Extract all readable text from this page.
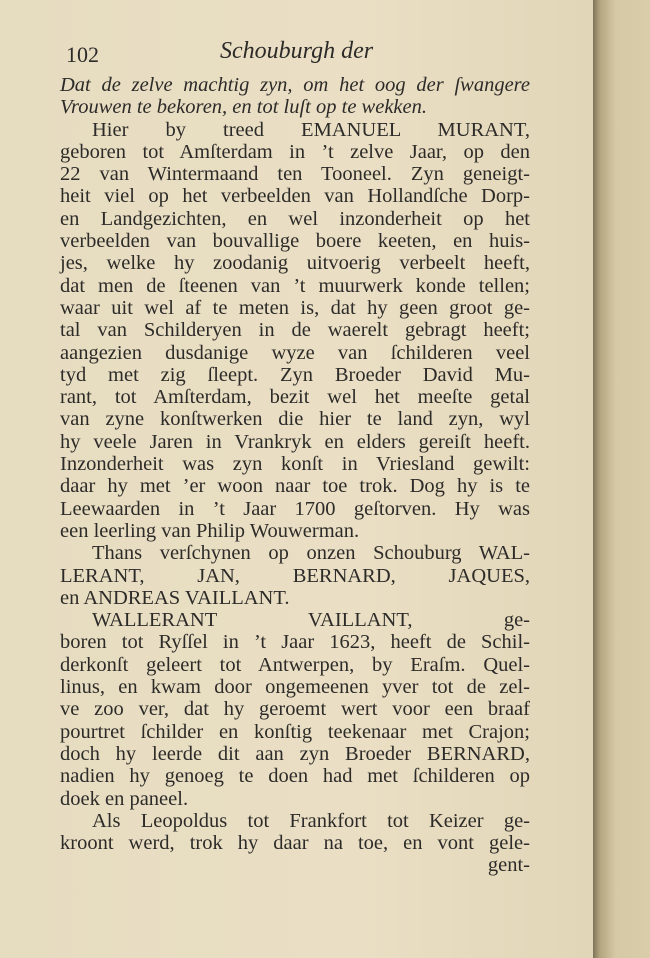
102	Schouburgh der
Dat de zelve machtig zyn, om het oog der ſwangere
Vrouwen te bekoren, en tot luſt op te wekken.
Hier by treed EMANUEL MURANT,
geboren tot Amſterdam in ’t zelve Jaar, op den
22 van Wintermaand ten Tooneel. Zyn geneigt-
heit viel op het verbeelden van Hollandſche Dorp-
en Landgezichten, en wel inzonderheit op het
verbeelden van bouvallige boere keeten, en huis-
jes, welke hy zoodanig uitvoerig verbeelt heeft,
dat men de ſteenen van ’t muurwerk konde tellen;
waar uit wel af te meten is, dat hy geen groot ge-
tal van Schilderyen in de waerelt gebragt heeft;
aangezien dusdanige wyze van ſchilderen veel
tyd met zig ſleept. Zyn Broeder David Mu-
rant, tot Amſterdam, bezit wel het meeſte getal
van zyne konſtwerken die hier te land zyn, wyl
hy veele Jaren in Vrankryk en elders gereiſt heeft.
Inzonderheit was zyn konſt in Vriesland gewilt:
daar hy met ’er woon naar toe trok. Dog hy is te
Leewaarden in ’t Jaar 1700 geſtorven. Hy was
een leerling van Philip Wouwerman.
Thans verſchynen op onzen Schouburg WAL-
LERANT, JAN, BERNARD, JAQUES,
en ANDREAS VAILLANT.
WALLERANT VAILLANT, ge-
boren tot Ryſſel in ’t Jaar 1623, heeft de Schil-
derkonſt geleert tot Antwerpen, by Eraſm. Quel-
linus, en kwam door ongemeenen yver tot de zel-
ve zoo ver, dat hy geroemt wert voor een braaf
pourtret ſchilder en konſtig teekenaar met Crajon;
doch hy leerde dit aan zyn Broeder BERNARD,
nadien hy genoeg te doen had met ſchilderen op
doek en paneel.
Als Leopoldus tot Frankfort tot Keizer ge-
kroont werd, trok hy daar na toe, en vont gele-
gent-
